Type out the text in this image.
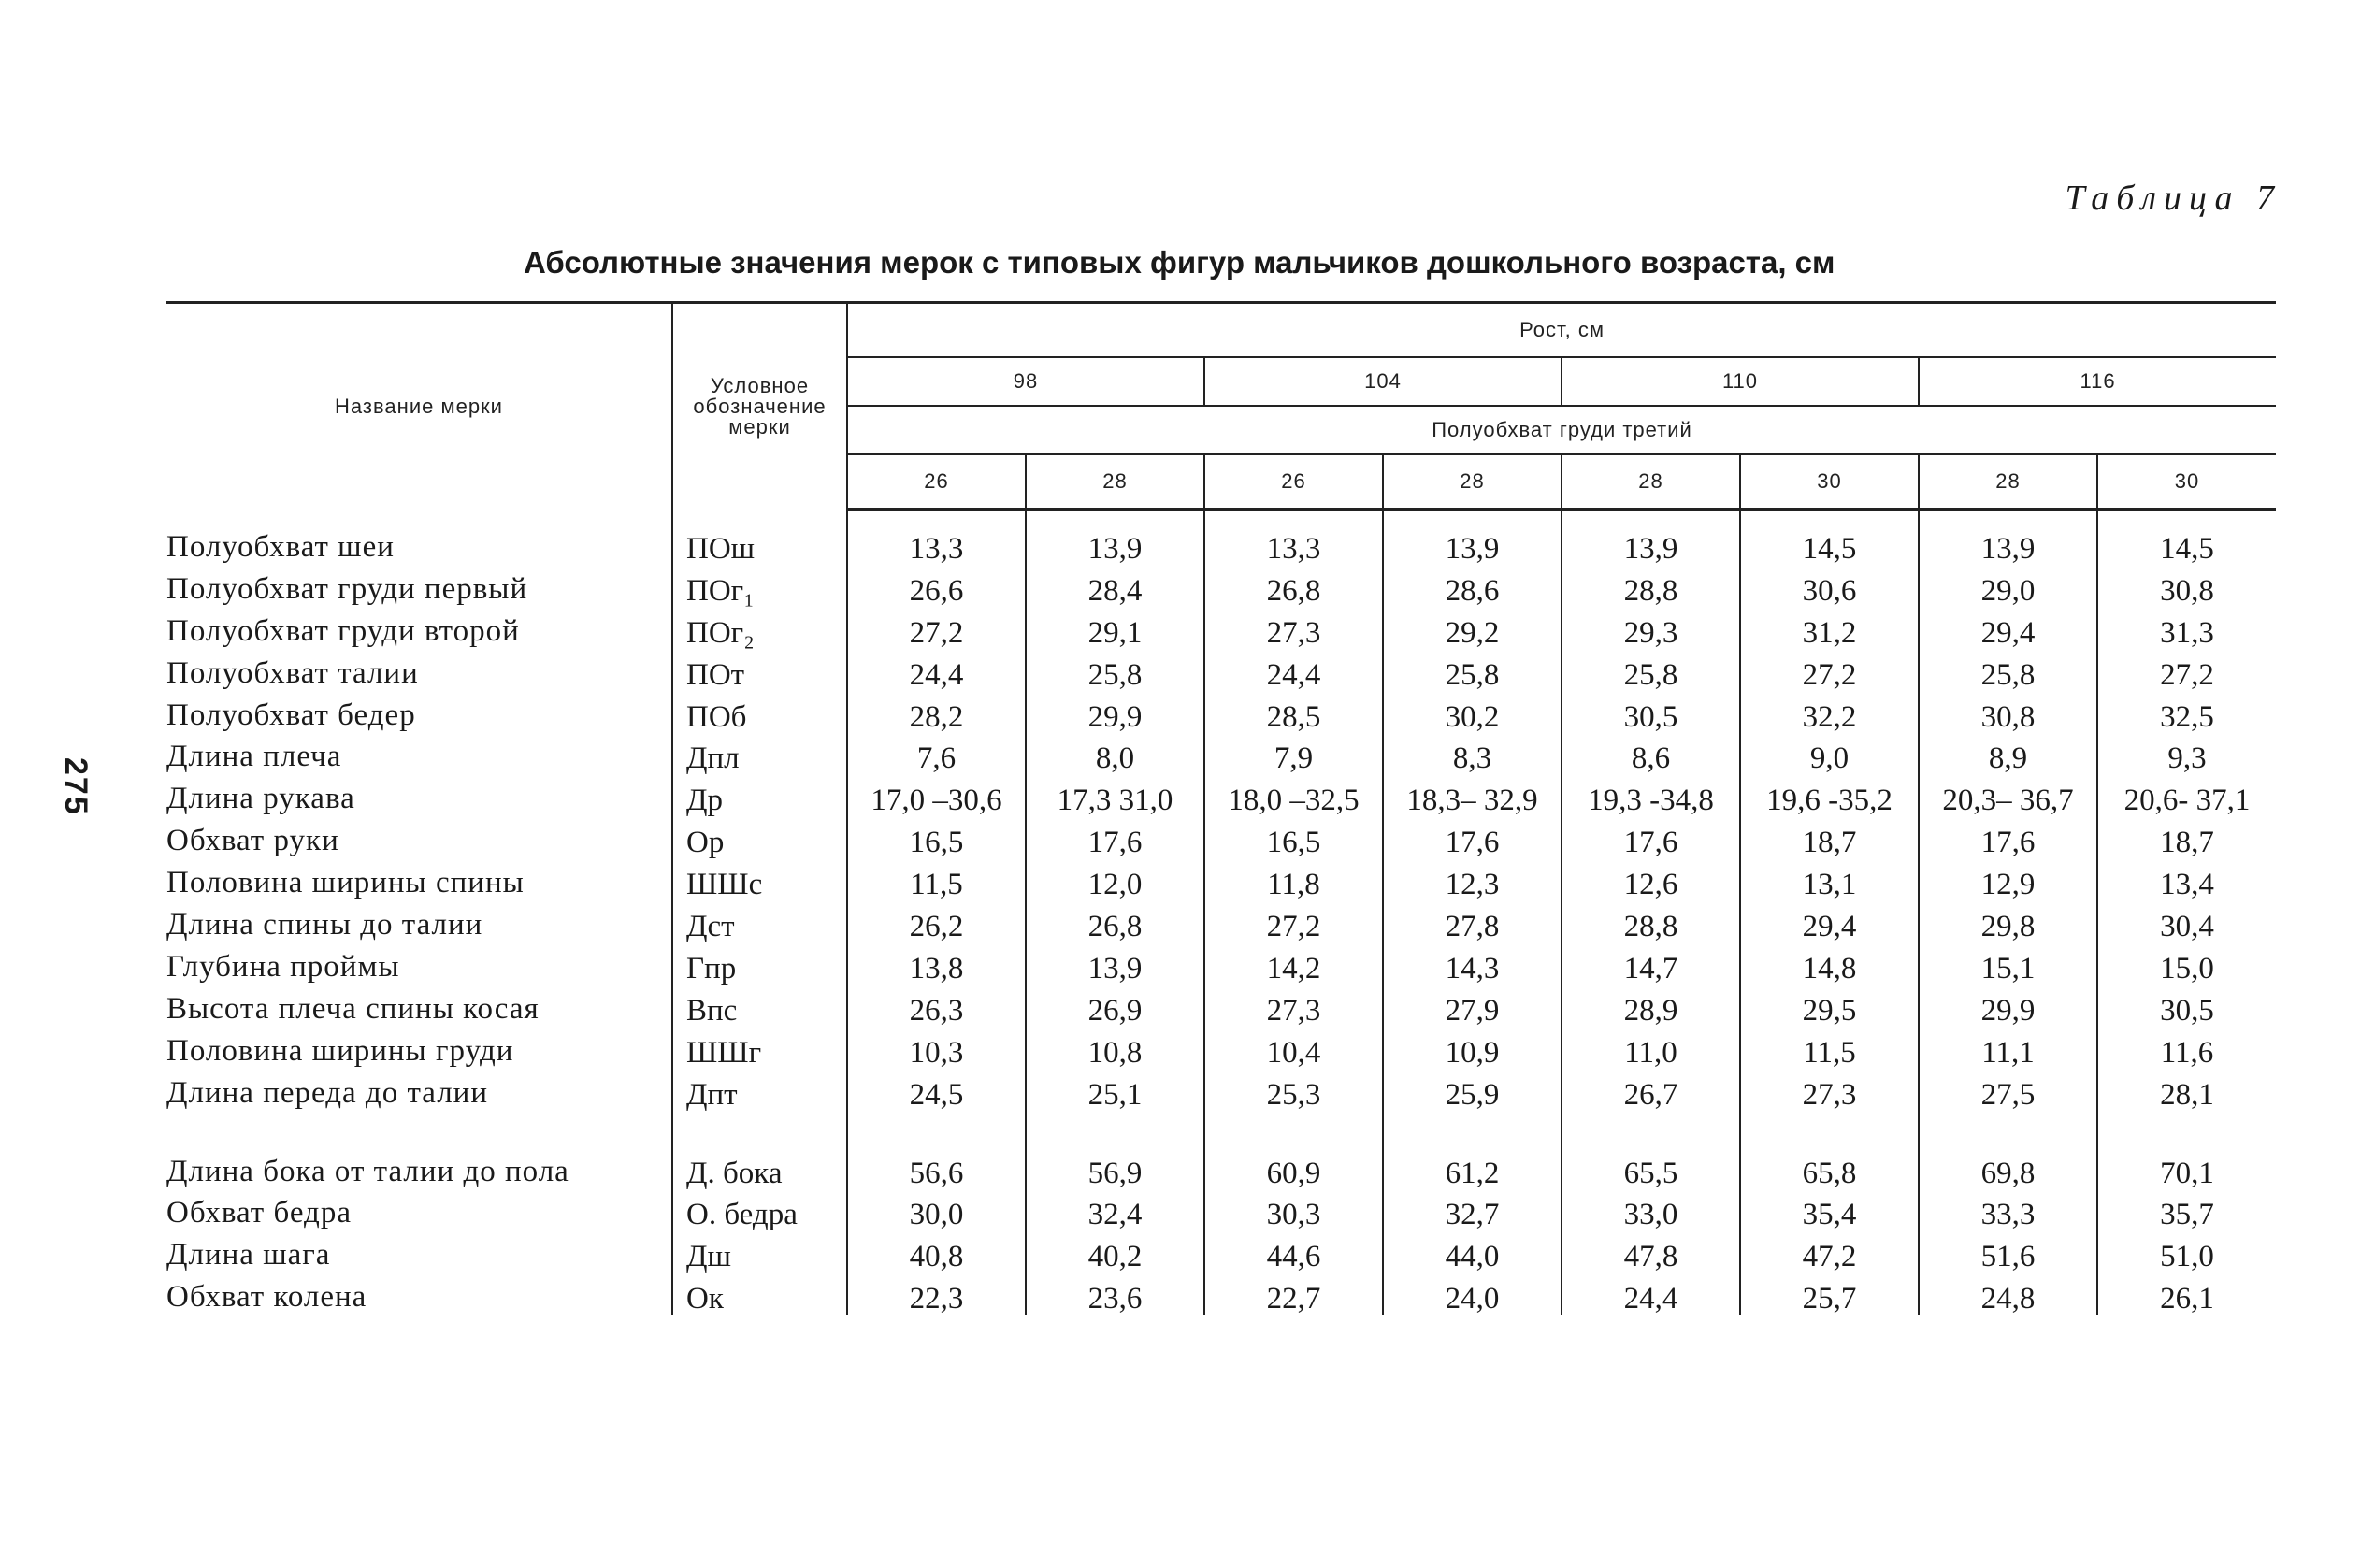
275
Таблица 7
Абсолютные значения мерок с типовых фигур мальчиков дошкольного возраста, см
Название мерки	Условное обозначение мерки	Рост, см							
		98		104		110		116	
		Полуобхват груди третий							
		26	28	26	28	28	30	28	30

Полуобхват шеи	ПОш	13,3	13,9	13,3	13,9	13,9	14,5	13,9	14,5

Полуобхват груди первый	ПОг₁	26,6	28,4	26,8	28,6	28,8	30,6	29,0	30,8

Полуобхват груди второй	ПОг₂	27,2	29,1	27,3	29,2	29,3	31,2	29,4	31,3

Полуобхват талии	ПОт	24,4	25,8	24,4	25,8	25,8	27,2	25,8	27,2

Полуобхват бедер	ПОб	28,2	29,9	28,5	30,2	30,5	32,2	30,8	32,5

Длина плеча	Дпл	7,6	8,0	7,9	8,3	8,6	9,0	8,9	9,3

Длина рукава	Др	17,0 –30,6	17,3 31,0	18,0 –32,5	18,3– 32,9	19,3 -34,8	19,6 -35,2	20,3– 36,7	20,6- 37,1

Обхват руки	Ор	16,5	17,6	16,5	17,6	17,6	18,7	17,6	18,7

Половина ширины спины	ШШс	11,5	12,0	11,8	12,3	12,6	13,1	12,9	13,4

Длина спины до талии	Дст	26,2	26,8	27,2	27,8	28,8	29,4	29,8	30,4

Глубина проймы	Гпр	13,8	13,9	14,2	14,3	14,7	14,8	15,1	15,0

Высота плеча спины косая	Впс	26,3	26,9	27,3	27,9	28,9	29,5	29,9	30,5

Половина ширины груди	ШШг	10,3	10,8	10,4	10,9	11,0	11,5	11,1	11,6

Длина переда до талии	Дпт	24,5	25,1	25,3	25,9	26,7	27,3	27,5	28,1

Длина бока от талии до пола	Д. бока	56,6	56,9	60,9	61,2	65,5	65,8	69,8	70,1

Обхват бедра	О. бедра	30,0	32,4	30,3	32,7	33,0	35,4	33,3	35,7

Длина шага	Дш	40,8	40,2	44,6	44,0	47,8	47,2	51,6	51,0

Обхват колена	Ок	22,3	23,6	22,7	24,0	24,4	25,7	24,8	26,1
